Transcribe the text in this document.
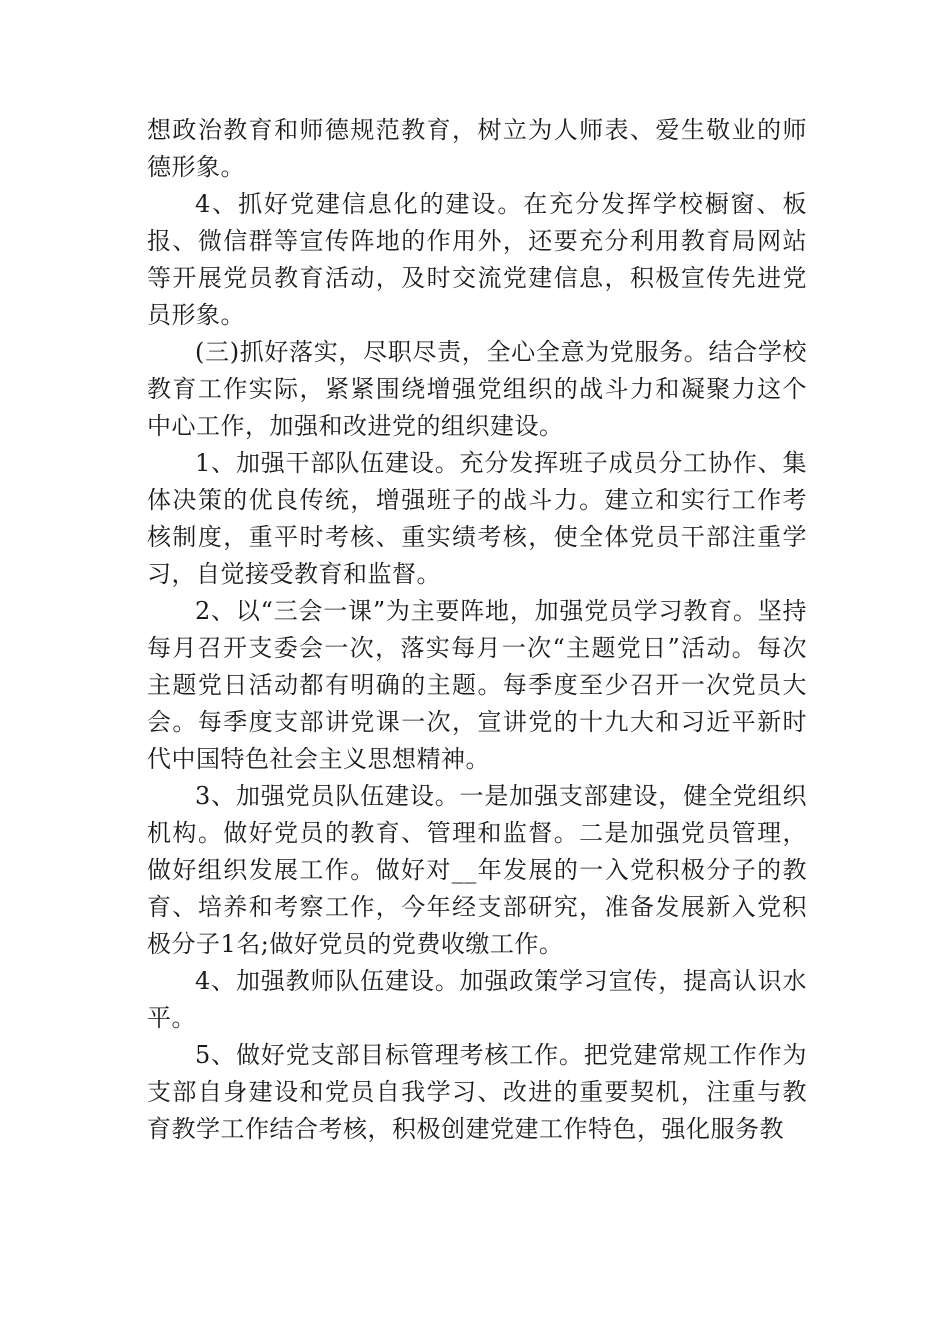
想政治教育和师德规范教育，树立为人师表、爱生敬业的师德形象。

4、抓好党建信息化的建设。在充分发挥学校橱窗、板报、微信群等宣传阵地的作用外，还要充分利用教育局网站等开展党员教育活动，及时交流党建信息，积极宣传先进党员形象。

(三)抓好落实，尽职尽责，全心全意为党服务。结合学校教育工作实际，紧紧围绕增强党组织的战斗力和凝聚力这个中心工作，加强和改进党的组织建设。

1、加强干部队伍建设。充分发挥班子成员分工协作、集体决策的优良传统，增强班子的战斗力。建立和实行工作考核制度，重平时考核、重实绩考核，使全体党员干部注重学习，自觉接受教育和监督。

2、以“三会一课”为主要阵地，加强党员学习教育。坚持每月召开支委会一次，落实每月一次“主题党日”活动。每次主题党日活动都有明确的主题。每季度至少召开一次党员大会。每季度支部讲党课一次，宣讲党的十九大和习近平新时代中国特色社会主义思想精神。

3、加强党员队伍建设。一是加强支部建设，健全党组织机构。做好党员的教育、管理和监督。二是加强党员管理，做好组织发展工作。做好对__年发展的一入党积极分子的教育、培养和考察工作，今年经支部研究，准备发展新入党积极分子1名;做好党员的党费收缴工作。

4、加强教师队伍建设。加强政策学习宣传，提高认识水平。

5、做好党支部目标管理考核工作。把党建常规工作作为支部自身建设和党员自我学习、改进的重要契机，注重与教育教学工作结合考核，积极创建党建工作特色，强化服务教
